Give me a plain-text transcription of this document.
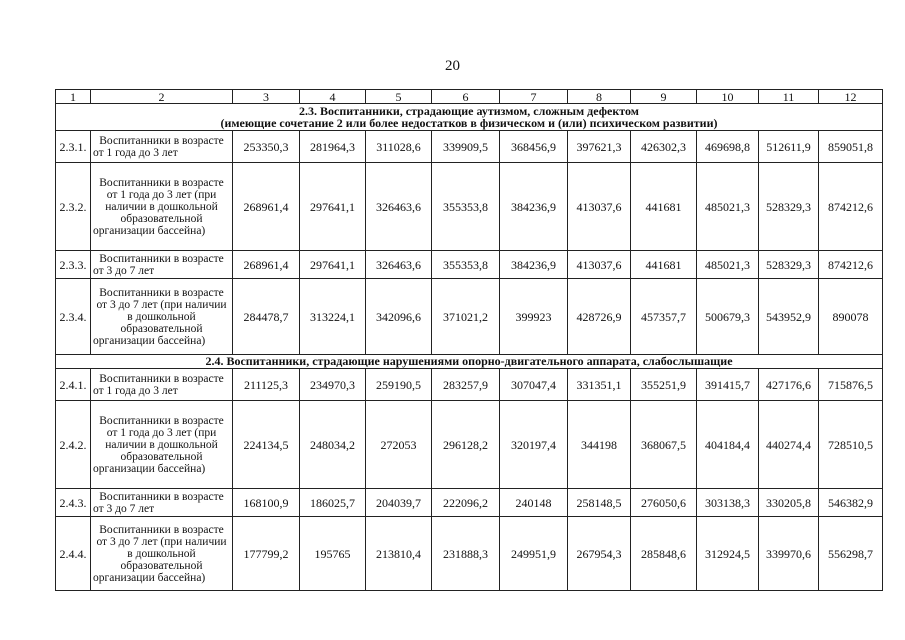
20
1	2	3	4	5	6	7	8	9	10	11	12

2.3. Воспитанники, страдающие аутизмом, сложным дефектом
(имеющие сочетание 2 или более недостатков в физическом и (или) психическом развитии)											

2.3.1.	Воспитанники в возрасте от 1 года до 3 лет	253350,3	281964,3	311028,6	339909,5	368456,9	397621,3	426302,3	469698,8	512611,9	859051,8
2.3.2.	Воспитанники в возрасте от 1 года до 3 лет (при наличии в дошкольной образовательной организации бассейна)	268961,4	297641,1	326463,6	355353,8	384236,9	413037,6	441681	485021,3	528329,3	874212,6
2.3.3.	Воспитанники в возрасте от 3 до 7 лет	268961,4	297641,1	326463,6	355353,8	384236,9	413037,6	441681	485021,3	528329,3	874212,6
2.3.4.	Воспитанники в возрасте от 3 до 7 лет (при наличии в дошкольной образовательной организации бассейна)	284478,7	313224,1	342096,6	371021,2	399923	428726,9	457357,7	500679,3	543952,9	890078

2.4. Воспитанники, страдающие нарушениями опорно-двигательного аппарата, слабослышащие											

2.4.1.	Воспитанники в возрасте от 1 года до 3 лет	211125,3	234970,3	259190,5	283257,9	307047,4	331351,1	355251,9	391415,7	427176,6	715876,5
2.4.2.	Воспитанники в возрасте от 1 года до 3 лет (при наличии в дошкольной образовательной организации бассейна)	224134,5	248034,2	272053	296128,2	320197,4	344198	368067,5	404184,4	440274,4	728510,5
2.4.3.	Воспитанники в возрасте от 3 до 7 лет	168100,9	186025,7	204039,7	222096,2	240148	258148,5	276050,6	303138,3	330205,8	546382,9
2.4.4.	Воспитанники в возрасте от 3 до 7 лет (при наличии в дошкольной образовательной организации бассейна)	177799,2	195765	213810,4	231888,3	249951,9	267954,3	285848,6	312924,5	339970,6	556298,7
